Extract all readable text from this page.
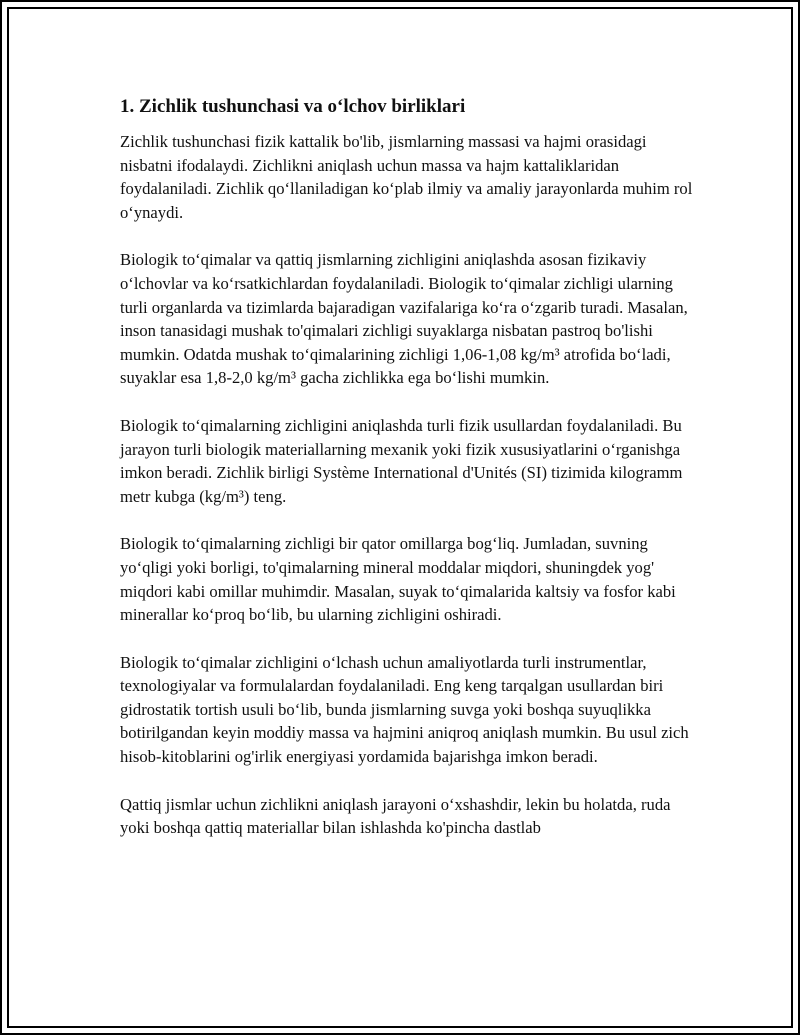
1. Zichlik tushunchasi va o‘lchov birliklari

Zichlik tushunchasi fizik kattalik bo'lib, jismlarning massasi va hajmi orasidagi nisbatni ifodalaydi. Zichlikni aniqlash uchun massa va hajm kattaliklaridan foydalaniladi. Zichlik qo‘llaniladigan ko‘plab ilmiy va amaliy jarayonlarda muhim rol o‘ynaydi.

Biologik to‘qimalar va qattiq jismlarning zichligini aniqlashda asosan fizikaviy o‘lchovlar va ko‘rsatkichlardan foydalaniladi. Biologik to‘qimalar zichligi ularning turli organlarda va tizimlarda bajaradigan vazifalariga ko‘ra o‘zgarib turadi. Masalan, inson tanasidagi mushak to'qimalari zichligi suyaklarga nisbatan pastroq bo'lishi mumkin. Odatda mushak to‘qimalarining zichligi 1,06-1,08 kg/m³ atrofida bo‘ladi, suyaklar esa 1,8-2,0 kg/m³ gacha zichlikka ega bo‘lishi mumkin.

Biologik to‘qimalarning zichligini aniqlashda turli fizik usullardan foydalaniladi. Bu jarayon turli biologik materiallarning mexanik yoki fizik xususiyatlarini o‘rganishga imkon beradi. Zichlik birligi Système International d'Unités (SI) tizimida kilogramm metr kubga (kg/m³) teng.

Biologik to‘qimalarning zichligi bir qator omillarga bog‘liq. Jumladan, suvning yo‘qligi yoki borligi, to'qimalarning mineral moddalar miqdori, shuningdek yog' miqdori kabi omillar muhimdir. Masalan, suyak to‘qimalarida kaltsiy va fosfor kabi minerallar ko‘proq bo‘lib, bu ularning zichligini oshiradi.

Biologik to‘qimalar zichligini o‘lchash uchun amaliyotlarda turli instrumentlar, texnologiyalar va formulalardan foydalaniladi. Eng keng tarqalgan usullardan biri gidrostatik tortish usuli bo‘lib, bunda jismlarning suvga yoki boshqa suyuqlikka botirilgandan keyin moddiy massa va hajmini aniqroq aniqlash mumkin. Bu usul zich hisob-kitoblarini og'irlik energiyasi yordamida bajarishga imkon beradi.

Qattiq jismlar uchun zichlikni aniqlash jarayoni o‘xshashdir, lekin bu holatda, ruda yoki boshqa qattiq materiallar bilan ishlashda ko'pincha dastlab
